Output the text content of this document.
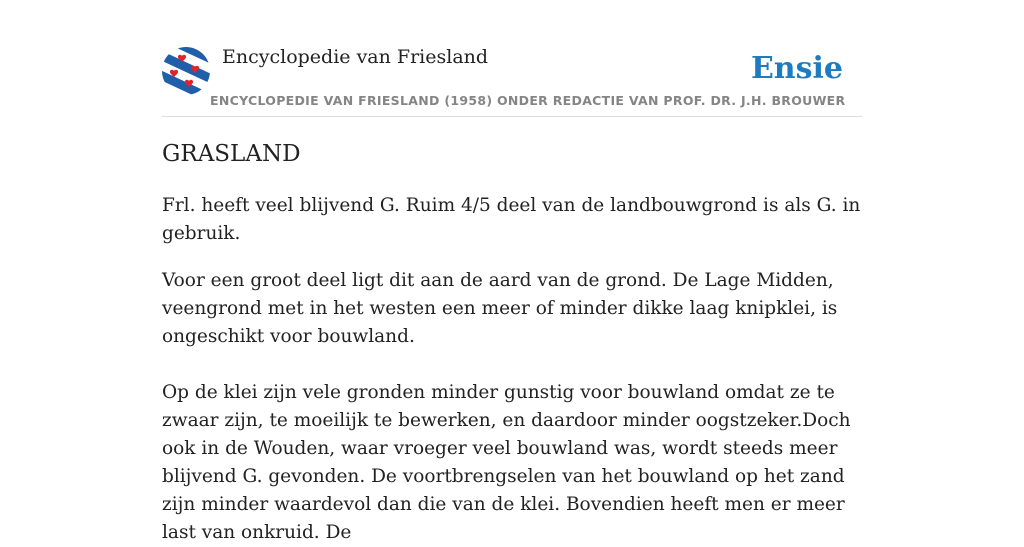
Encyclopedie van Friesland	Ensie
ENCYCLOPEDIE VAN FRIESLAND (1958) ONDER REDACTIE VAN PROF. DR. J.H. BROUWER
GRASLAND

Frl. heeft veel blijvend G. Ruim 4/5 deel van de landbouwgrond is als G. in gebruik.

Voor een groot deel ligt dit aan de aard van de grond. De Lage Midden, veengrond met in het westen een meer of minder dikke laag knipklei, is ongeschikt voor bouwland.

Op de klei zijn vele gronden minder gunstig voor bouwland omdat ze te zwaar zijn, te moeilijk te bewerken, en daardoor minder oogstzeker.Doch ook in de Wouden, waar vroeger veel bouwland was, wordt steeds meer blijvend G. gevonden. De voortbrengselen van het bouwland op het zand zijn minder waardevol dan die van de klei. Bovendien heeft men er meer last van onkruid. De
